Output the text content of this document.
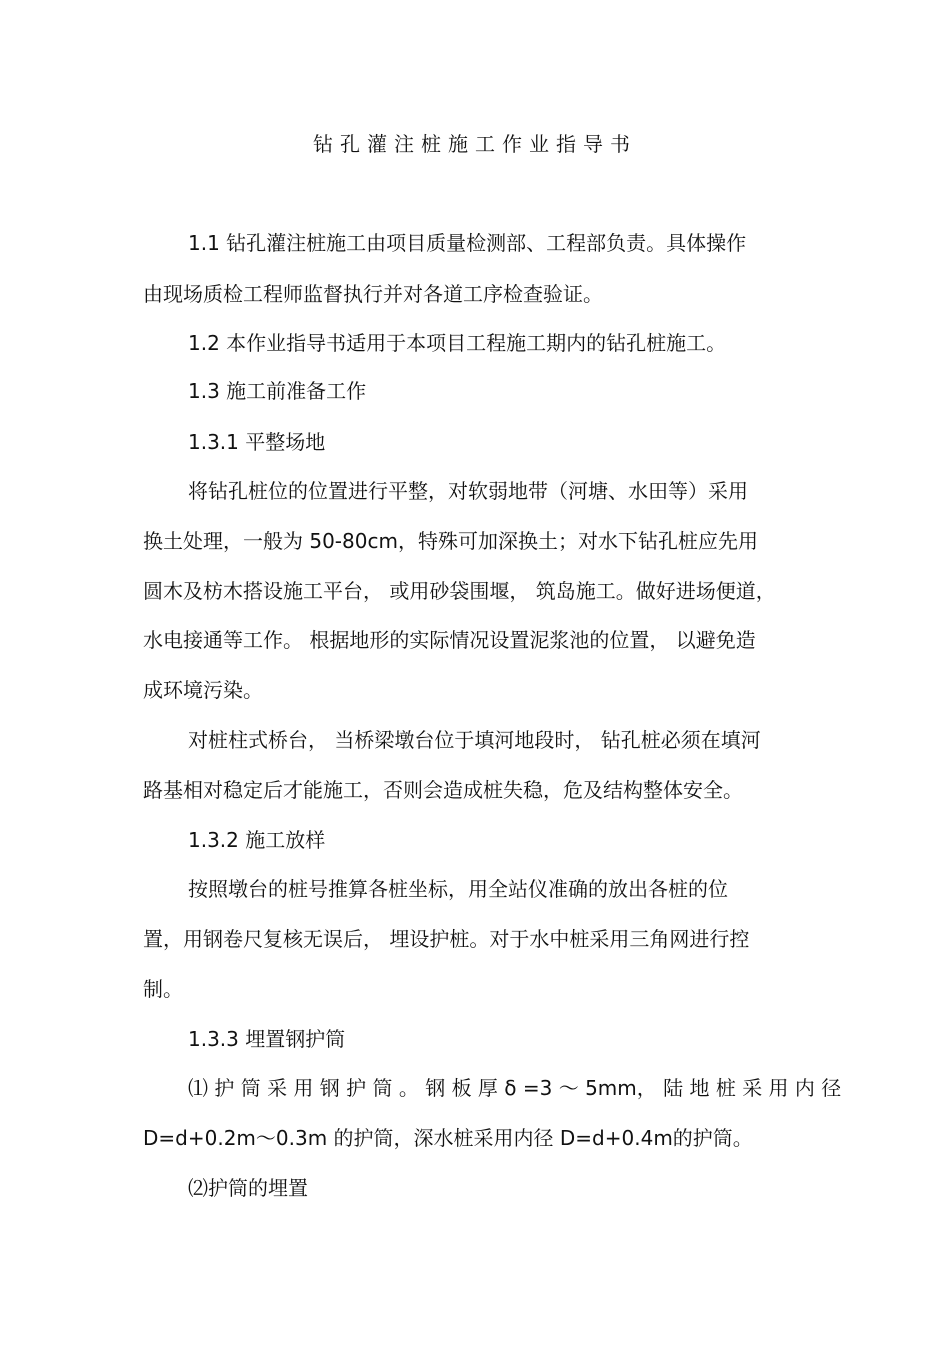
钻孔灌注桩施工作业指导书
1.1 钻孔灌注桩施工由项目质量检测部、工程部负责。具体操作
由现场质检工程师监督执行并对各道工序检查验证。
1.2 本作业指导书适用于本项目工程施工期内的钻孔桩施工。
1.3 施工前准备工作
1.3.1 平整场地
将钻孔桩位的位置进行平整，对软弱地带（河塘、水田等）采用
换土处理，一般为 50-80cm，特殊可加深换土；对水下钻孔桩应先用
圆木及枋木搭设施工平台， 或用砂袋围堰， 筑岛施工。做好进场便道，
水电接通等工作。 根据地形的实际情况设置泥浆池的位置， 以避免造
成环境污染。
对桩柱式桥台， 当桥梁墩台位于填河地段时， 钻孔桩必须在填河
路基相对稳定后才能施工，否则会造成桩失稳，危及结构整体安全。
1.3.2 施工放样
按照墩台的桩号推算各桩坐标，用全站仪准确的放出各桩的位
置，用钢卷尺复核无误后， 埋设护桩。对于水中桩采用三角网进行控
制。
1.3.3 埋置钢护筒
⑴ 护 筒 采 用 钢 护 筒 。 钢 板 厚 δ =3 ～ 5mm， 陆 地 桩 采 用 内 径
D=d+0.2m～0.3m 的护筒，深水桩采用内径 D=d+0.4m的护筒。
⑵护筒的埋置
